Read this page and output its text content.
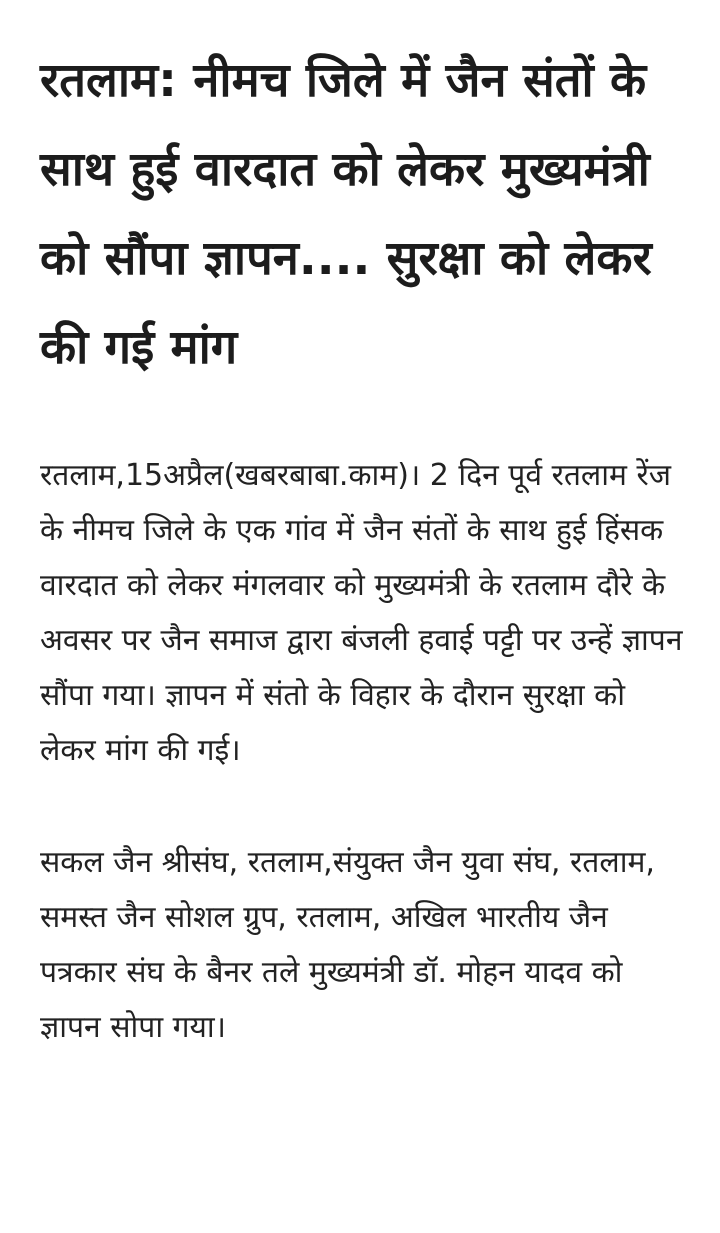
रतलाम: नीमच जिले में जैन संतों के साथ हुई वारदात को लेकर मुख्यमंत्री को सौंपा ज्ञापन.... सुरक्षा को लेकर की गई मांग

रतलाम,15अप्रैल(खबरबाबा.काम)। 2 दिन पूर्व रतलाम रेंज के नीमच जिले के एक गांव में जैन संतों के साथ हुई हिंसक वारदात को लेकर मंगलवार को मुख्यमंत्री के रतलाम दौरे के अवसर पर जैन समाज द्वारा बंजली हवाई पट्टी पर उन्हें ज्ञापन सौंपा गया। ज्ञापन में संतो के विहार के दौरान सुरक्षा को लेकर मांग की गई।

सकल जैन श्रीसंघ, रतलाम,संयुक्त जैन युवा संघ, रतलाम, समस्त जैन सोशल ग्रुप, रतलाम, अखिल भारतीय जैन पत्रकार संघ के बैनर तले मुख्यमंत्री डॉ. मोहन यादव को ज्ञापन सोपा गया।
